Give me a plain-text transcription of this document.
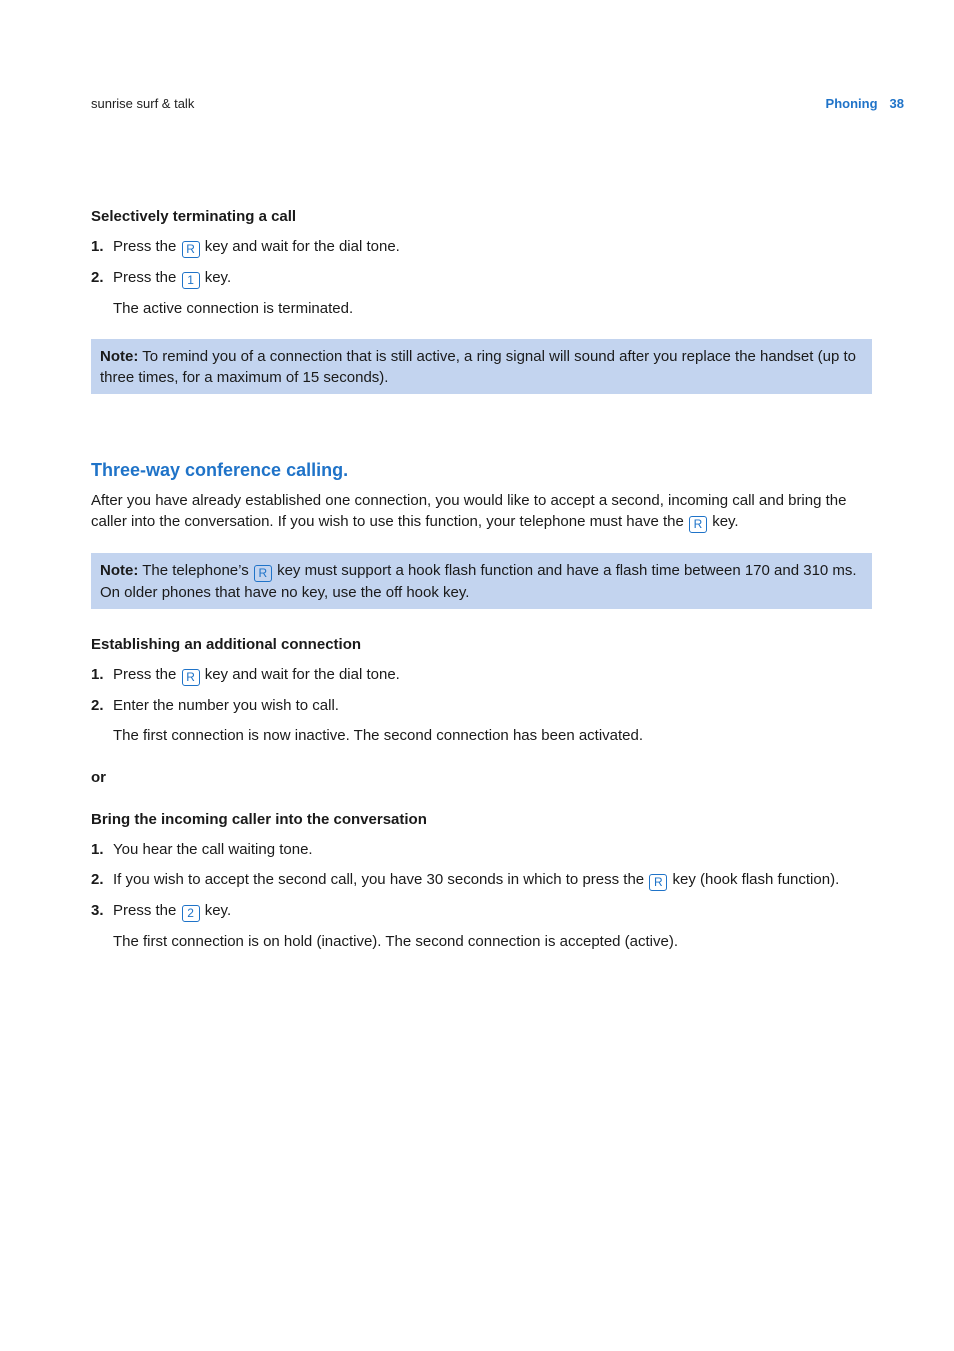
sunrise surf & talk	Phoning 38
Selectively terminating a call
1. Press the R key and wait for the dial tone.
2. Press the 1 key.
The active connection is terminated.
Note: To remind you of a connection that is still active, a ring signal will sound after you replace the handset (up to three times, for a maximum of 15 seconds).
Three-way conference calling.

After you have already established one connection, you would like to accept a second, incoming call and bring the caller into the conversation. If you wish to use this function, your telephone must have the R key.

Note: The telephone’s R key must support a hook flash function and have a flash time between 170 and 310 ms. On older phones that have no key, use the off hook key.
Establishing an additional connection
1. Press the R key and wait for the dial tone.
2. Enter the number you wish to call.
The first connection is now inactive. The second connection has been activated.
or
Bring the incoming caller into the conversation
1. You hear the call waiting tone.
2. If you wish to accept the second call, you have 30 seconds in which to press the R key (hook flash function).
3. Press the 2 key.
The first connection is on hold (inactive). The second connection is accepted (active).
